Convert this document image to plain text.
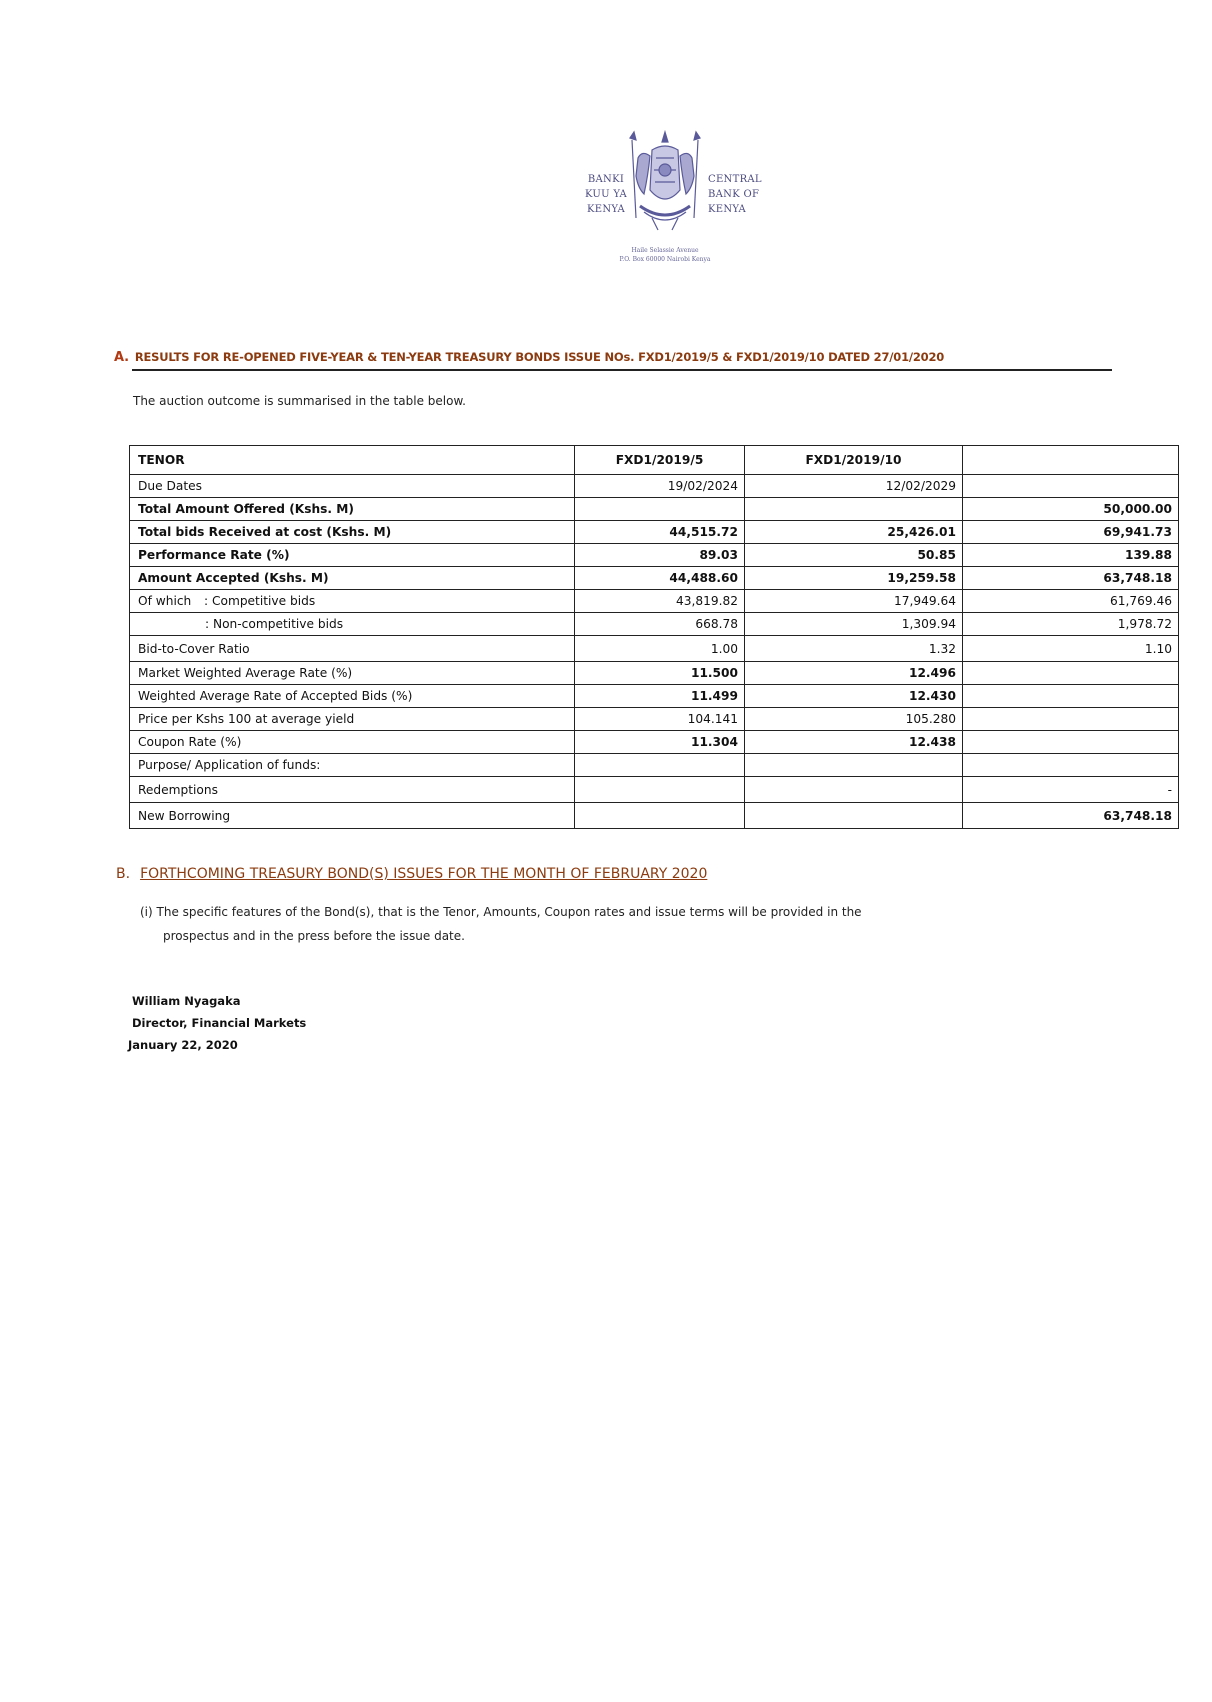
BANKI
KUU YA
KENYA
CENTRAL
BANK OF
KENYA
Haile Selassie Avenue
P.O. Box 60000 Nairobi Kenya
A. RESULTS FOR RE-OPENED FIVE-YEAR & TEN-YEAR TREASURY BONDS ISSUE NOs. FXD1/2019/5 & FXD1/2019/10 DATED 27/01/2020
The auction outcome is summarised in the table below.
TENOR	FXD1/2019/5	FXD1/2019/10	
Due Dates	19/02/2024	12/02/2029	
Total Amount Offered (Kshs. M)			50,000.00
Total bids Received at cost (Kshs. M)	44,515.72	25,426.01	69,941.73
Performance Rate (%)	89.03	50.85	139.88
Amount Accepted (Kshs. M)	44,488.60	19,259.58	63,748.18
Of which : Competitive bids	43,819.82	17,949.64	61,769.46
: Non-competitive bids	668.78	1,309.94	1,978.72
Bid-to-Cover Ratio	1.00	1.32	1.10
Market Weighted Average Rate (%)	11.500	12.496	
Weighted Average Rate of Accepted Bids (%)	11.499	12.430	
Price per Kshs 100 at average yield	104.141	105.280	
Coupon Rate (%)	11.304	12.438	
Purpose/ Application of funds:			
Redemptions			-
New Borrowing			63,748.18
B. FORTHCOMING TREASURY BOND(S) ISSUES FOR THE MONTH OF FEBRUARY 2020
(i) The specific features of the Bond(s), that is the Tenor, Amounts, Coupon rates and issue terms will be provided in the
prospectus and in the press before the issue date.
William Nyagaka
Director, Financial Markets
January 22, 2020
